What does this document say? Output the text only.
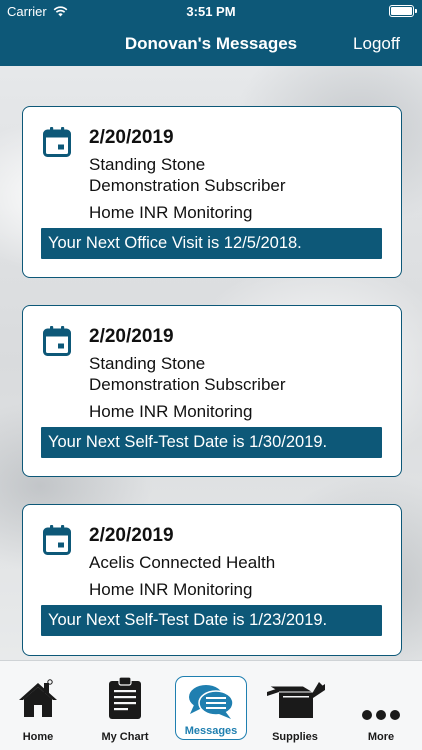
Carrier	3:51 PM
Donovan's Messages	Logoff
2/20/2019
Standing Stone
Demonstration Subscriber
Home INR Monitoring
Your Next Office Visit is 12/5/2018.
2/20/2019
Standing Stone
Demonstration Subscriber
Home INR Monitoring
Your Next Self-Test Date is 1/30/2019.
2/20/2019
Acelis Connected Health
Home INR Monitoring
Your Next Self-Test Date is 1/23/2019.
Home	My Chart	Messages	Supplies	More
